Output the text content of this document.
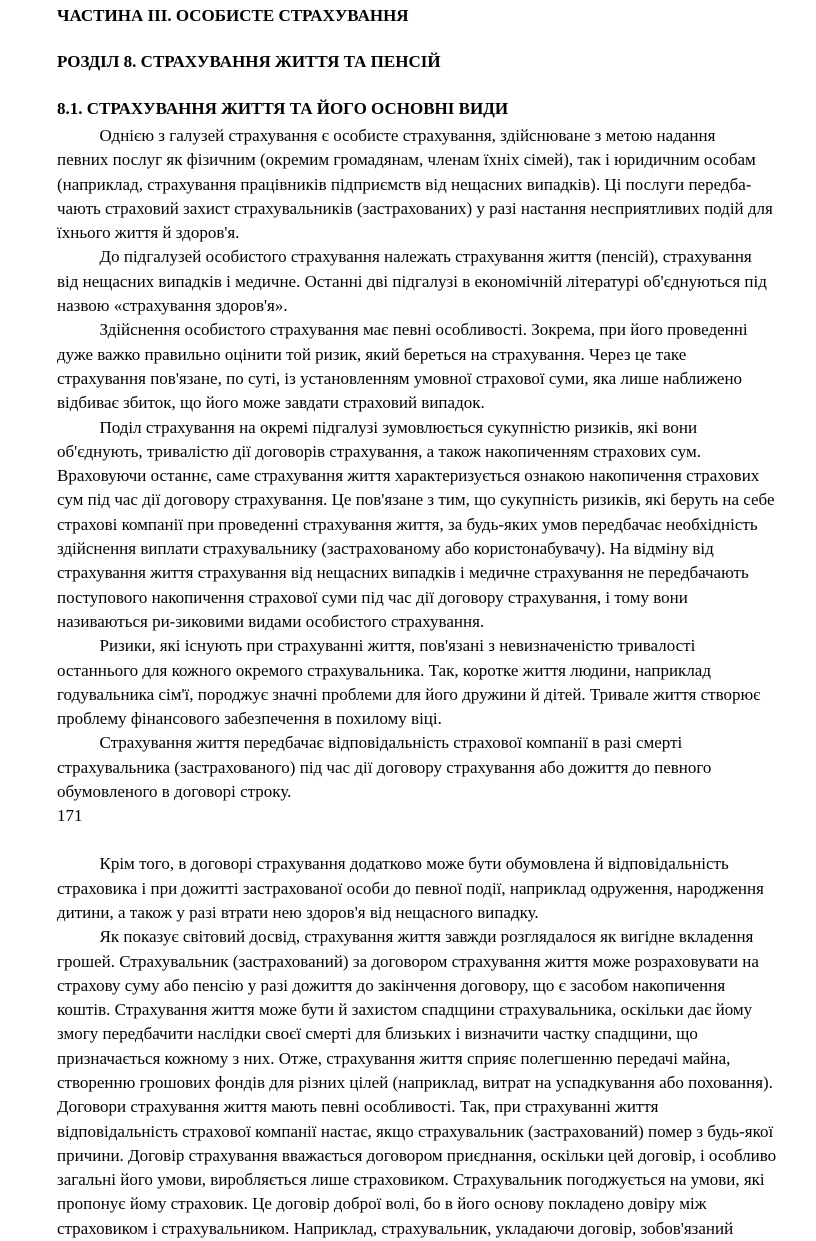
ЧАСТИНА ІІІ. ОСОБИСТЕ СТРАХУВАННЯ

РОЗДІЛ 8. СТРАХУВАННЯ ЖИТТЯ ТА ПЕНСІЙ

8.1. СТРАХУВАННЯ ЖИТТЯ ТА ЙОГО ОСНОВНІ ВИДИ

Однією з галузей страхування є особисте страхування, здійснюване з метою надання
певних послуг як фізичним (окремим громадянам, членам їхніх сімей), так і юридичним особам
(наприклад, страхування працівників підприємств від нещасних випадків). Ці послуги передба-
чають страховий захист страхувальників (застрахованих) у разі настання несприятливих подій для
їхнього життя й здоров'я.

До підгалузей особистого страхування належать страхування життя (пенсій), страхування
від нещасних випадків і медичне. Останні дві підгалузі в економічній літературі об'єднуються під
назвою «страхування здоров'я».

Здійснення особистого страхування має певні особливості. Зокрема, при його проведенні
дуже важко правильно оцінити той ризик, який береться на страхування. Через це таке
страхування пов'язане, по суті, із установленням умовної страхової суми, яка лише наближено
відбиває збиток, що його може завдати страховий випадок.

Поділ страхування на окремі підгалузі зумовлюється сукупністю ризиків, які вони
об'єднують, тривалістю дії договорів страхування, а також накопиченням страхових сум.
Враховуючи останнє, саме страхування життя характеризується ознакою накопичення страхових
сум під час дії договору страхування. Це пов'язане з тим, що сукупність ризиків, які беруть на себе
страхові компанії при проведенні страхування життя, за будь-яких умов передбачає необхідність
здійснення виплати страхувальнику (застрахованому або користонабувачу). На відміну від
страхування життя страхування від нещасних випадків і медичне страхування не передбачають
поступового накопичення страхової суми під час дії договору страхування, і тому вони
називаються ри-зиковими видами особистого страхування.

Ризики, які існують при страхуванні життя, пов'язані з невизначеністю тривалості
останнього для кожного окремого страхувальника. Так, коротке життя людини, наприклад
годувальника сім'ї, породжує значні проблеми для його дружини й дітей. Тривале життя створює
проблему фінансового забезпечення в похилому віці.

Страхування життя передбачає відповідальність страхової компанії в разі смерті
страхувальника (застрахованого) під час дії договору страхування або дожиття до певного
обумовленого в договорі строку.

171

Крім того, в договорі страхування додатково може бути обумовлена й відповідальність
страховика і при дожитті застрахованої особи до певної події, наприклад одруження, народження
дитини, а також у разі втрати нею здоров'я від нещасного випадку.

Як показує світовий досвід, страхування життя завжди розглядалося як вигідне вкладення
грошей. Страхувальник (застрахований) за договором страхування життя може розраховувати на
страхову суму або пенсію у разі дожиття до закінчення договору, що є засобом накопичення
коштів. Страхування життя може бути й захистом спадщини страхувальника, оскільки дає йому
змогу передбачити наслідки своєї смерті для близьких і визначити частку спадщини, що
призначається кожному з них. Отже, страхування життя сприяє полегшенню передачі майна,
створенню грошових фондів для різних цілей (наприклад, витрат на успадкування або поховання).
Договори страхування життя мають певні особливості. Так, при страхуванні життя
відповідальність страхової компанії настає, якщо страхувальник (застрахований) помер з будь-якої
причини. Договір страхування вважається договором приєднання, оскільки цей договір, і особливо
загальні його умови, виробляється лише страховиком. Страхувальник погоджується на умови, які
пропонує йому страховик. Це договір доброї волі, бо в його основу покладено довіру між
страховиком і страхувальником. Наприклад, страхувальник, укладаючи договір, зобов'язаний
